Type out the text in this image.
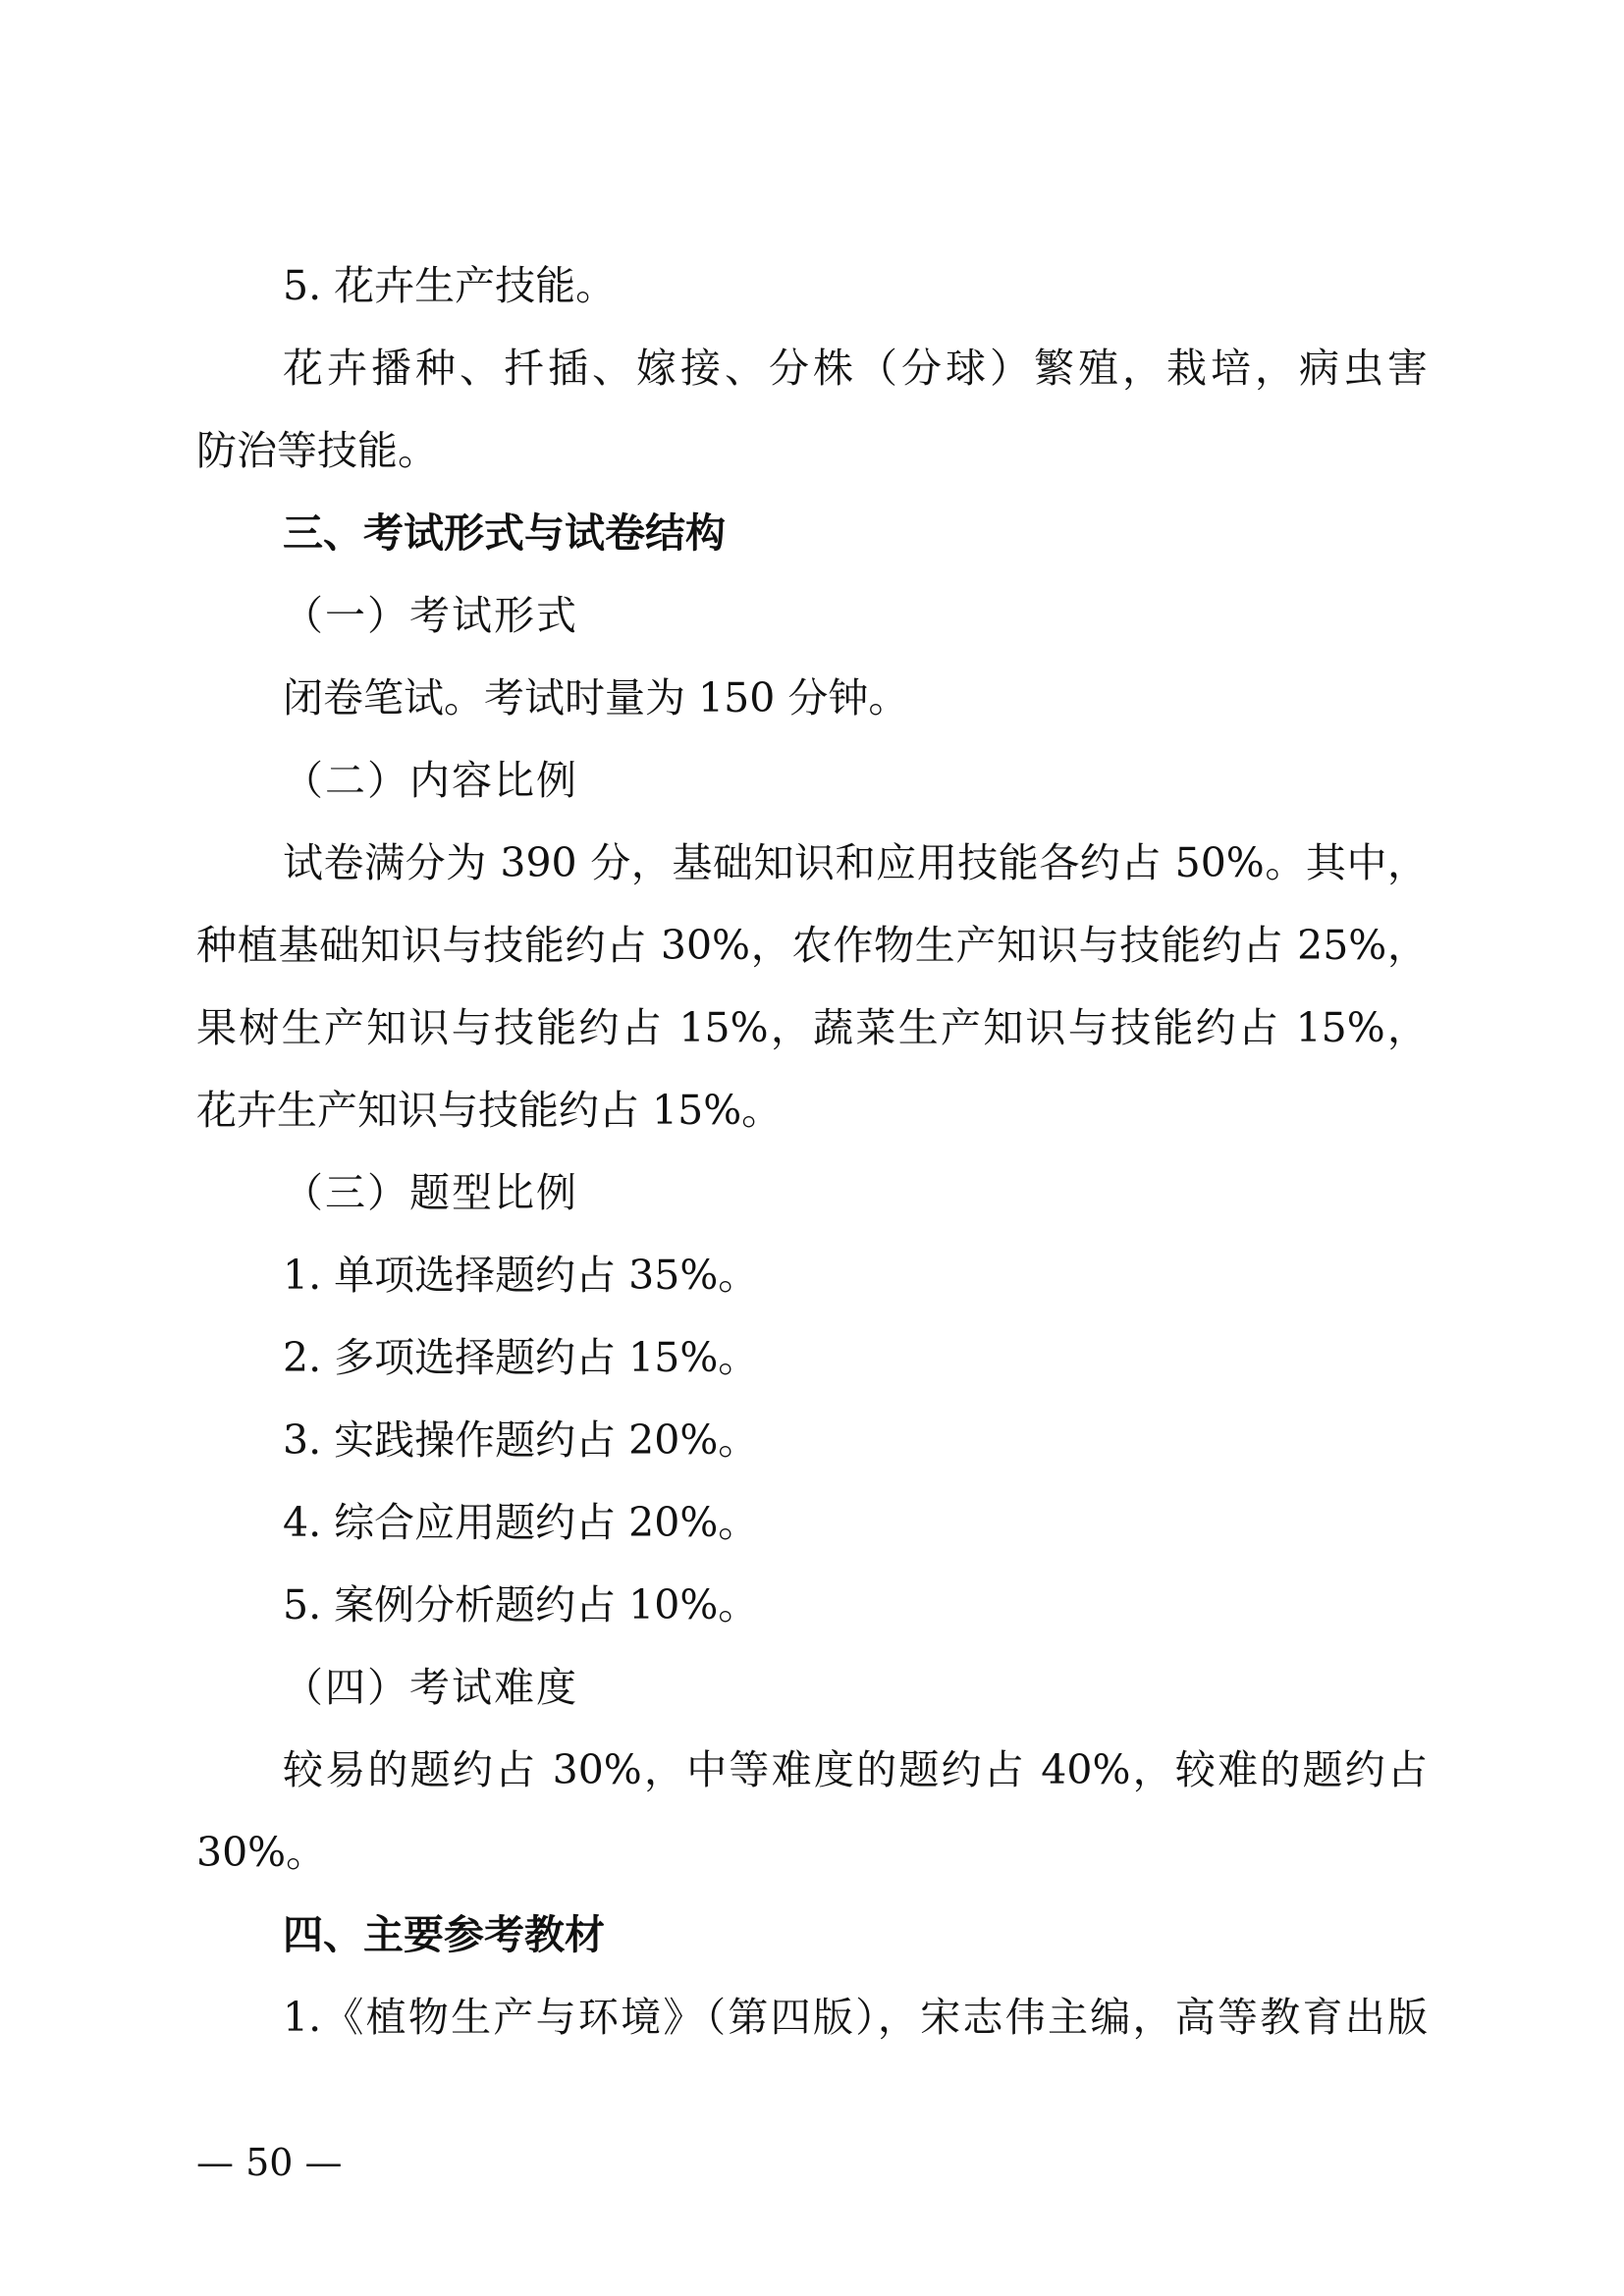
5. 花卉生产技能。
花卉播种、扦插、嫁接、分株（分球）繁殖，栽培，病虫害
防治等技能。
三、考试形式与试卷结构
（一）考试形式
闭卷笔试。考试时量为 150 分钟。
（二）内容比例
试卷满分为 390 分，基础知识和应用技能各约占 50%。其中，
种植基础知识与技能约占 30%，农作物生产知识与技能约占 25%，
果树生产知识与技能约占 15%，蔬菜生产知识与技能约占 15%，
花卉生产知识与技能约占 15%。
（三）题型比例
1. 单项选择题约占 35%。
2. 多项选择题约占 15%。
3. 实践操作题约占 20%。
4. 综合应用题约占 20%。
5. 案例分析题约占 10%。
（四）考试难度
较易的题约占 30%，中等难度的题约占 40%，较难的题约占
30%。
四、主要参考教材
1.《植物生产与环境》（第四版），宋志伟主编，高等教育出版
— 50 —
